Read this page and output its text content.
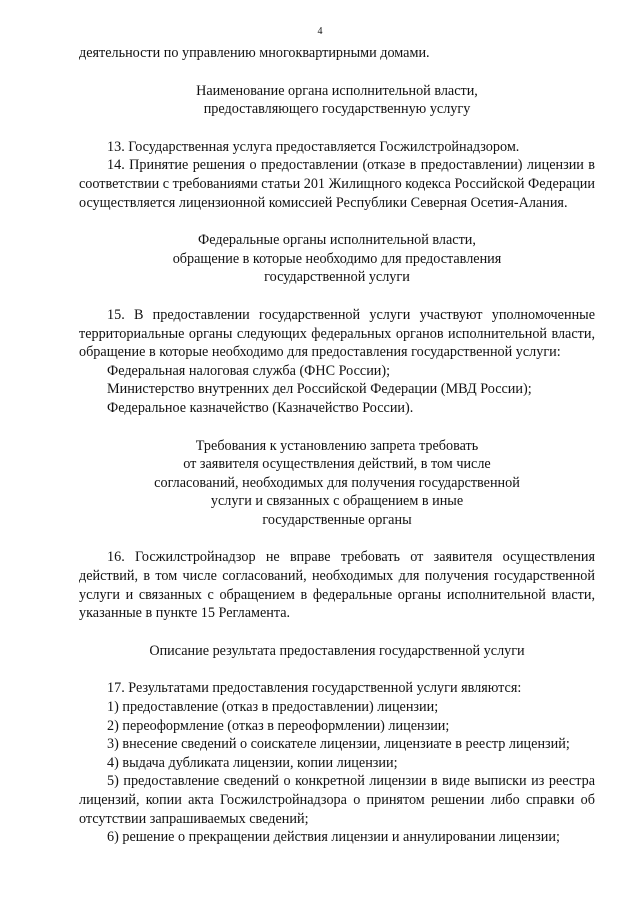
4

деятельности по управлению многоквартирными домами.

Наименование органа исполнительной власти,
предоставляющего государственную услугу

13. Государственная услуга предоставляется Госжилстройнадзором.

14. Принятие решения о предоставлении (отказе в предоставлении) лицензии в соответствии с требованиями статьи 201 Жилищного кодекса Российской Федерации осуществляется лицензионной комиссией Республики Северная Осетия-Алания.

Федеральные органы исполнительной власти,
обращение в которые необходимо для предоставления
государственной услуги

15. В предоставлении государственной услуги участвуют уполномоченные территориальные органы следующих федеральных органов исполнительной власти, обращение в которые необходимо для предоставления государственной услуги:

Федеральная налоговая служба (ФНС России);

Министерство внутренних дел Российской Федерации (МВД России);

Федеральное казначейство (Казначейство России).

Требования к установлению запрета требовать
от заявителя осуществления действий, в том числе
согласований, необходимых для получения государственной
услуги и связанных с обращением в иные
государственные органы

16. Госжилстройнадзор не вправе требовать от заявителя осуществления действий, в том числе согласований, необходимых для получения государственной услуги и связанных с обращением в федеральные органы исполнительной власти, указанные в пункте 15 Регламента.

Описание результата предоставления государственной услуги

17. Результатами предоставления государственной услуги являются:

1) предоставление (отказ в предоставлении) лицензии;

2) переоформление (отказ в переоформлении) лицензии;

3) внесение сведений о соискателе лицензии, лицензиате в реестр лицензий;

4) выдача дубликата лицензии, копии лицензии;

5) предоставление сведений о конкретной лицензии в виде выписки из реестра лицензий, копии акта Госжилстройнадзора о принятом решении либо справки об отсутствии запрашиваемых сведений;

6) решение о прекращении действия лицензии и аннулировании лицензии;
